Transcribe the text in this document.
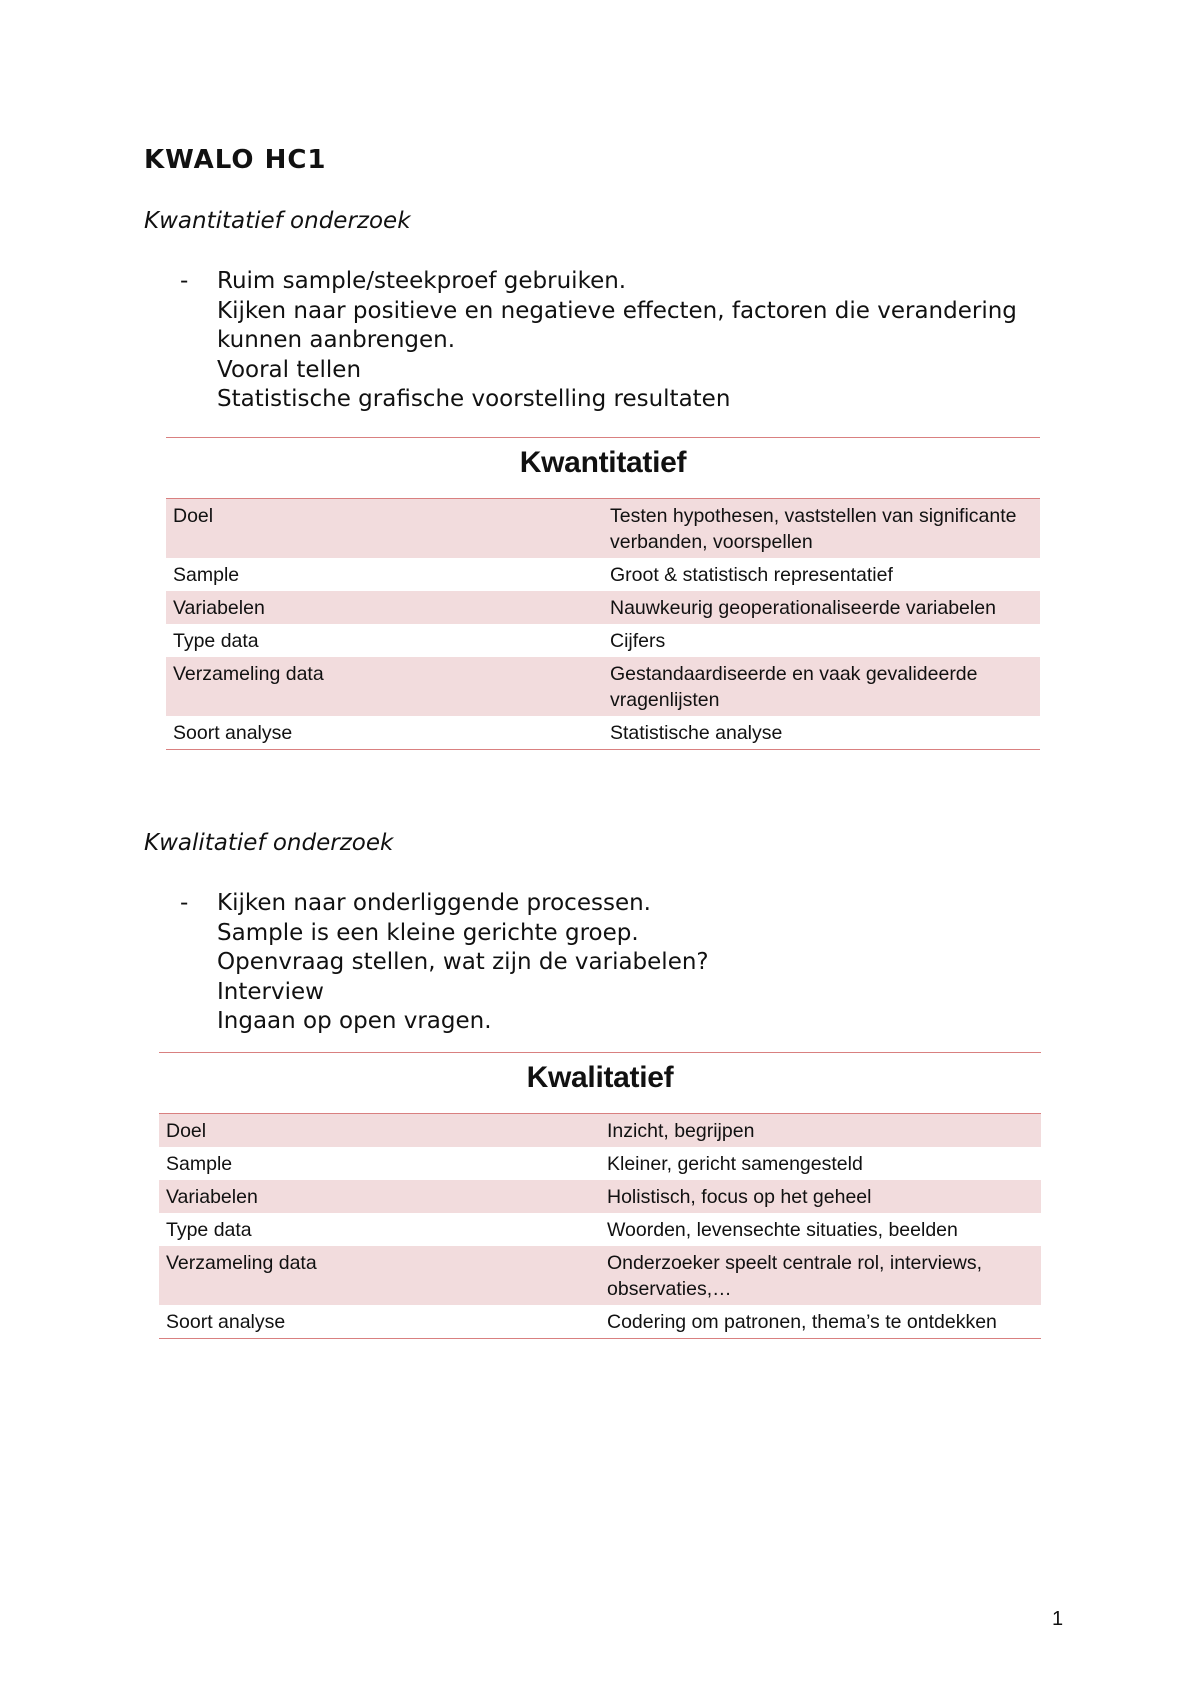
KWALO HC1
Kwantitatief onderzoek
- Ruim sample/steekproef gebruiken.
Kijken naar positieve en negatieve effecten, factoren die verandering kunnen aanbrengen.
Vooral tellen
Statistische grafische voorstelling resultaten
Kwantitatief
Doel	Testen hypothesen, vaststellen van significante verbanden, voorspellen
Sample	Groot & statistisch representatief
Variabelen	Nauwkeurig geoperationaliseerde variabelen
Type data	Cijfers
Verzameling data	Gestandaardiseerde en vaak gevalideerde vragenlijsten
Soort analyse	Statistische analyse
Kwalitatief onderzoek
- Kijken naar onderliggende processen.
Sample is een kleine gerichte groep.
Openvraag stellen, wat zijn de variabelen?
Interview
Ingaan op open vragen.
Kwalitatief
Doel	Inzicht, begrijpen
Sample	Kleiner, gericht samengesteld
Variabelen	Holistisch, focus op het geheel
Type data	Woorden, levensechte situaties, beelden
Verzameling data	Onderzoeker speelt centrale rol, interviews, observaties,…
Soort analyse	Codering om patronen, thema’s te ontdekken
1
